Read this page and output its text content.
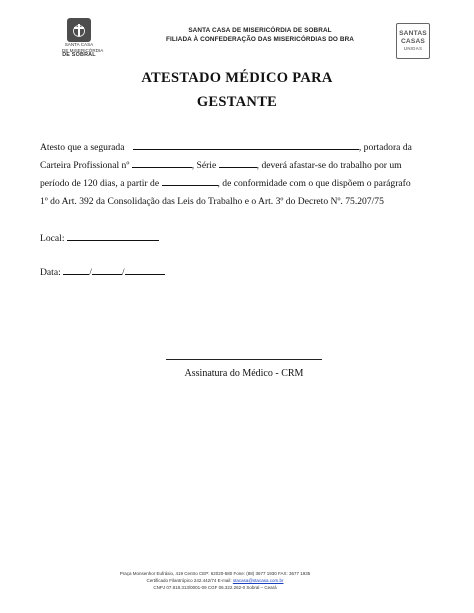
SANTA CASA
DE MISERICÓRDIA
DE SOBRAL
SANTA CASA DE MISERICÓRDIA DE SOBRAL
FILIADA À CONFEDERAÇÃO DAS MISERICÓRDIAS DO BRA
SANTAS
CASAS
UNIDAS
ATESTADO MÉDICO PARA
GESTANTE
Atesto que a segurada	, portadora da
Carteira Profissional nº	, Série	, deverá afastar-se do trabalho por um
período de 120 dias, a partir de	, de conformidade com o que dispõem o parágrafo
1º do Art. 392 da Consolidação das Leis do Trabalho e o Art. 3º do Decreto Nº. 75.207/75
Local:
Data:	/	/
Assinatura do Médico - CRM
Praça Monsenhor Eufrásio, 419 Centro CEP: 62020-580 Fone: (88) 3677 1930 FAX: 3677 1935
Certificado Filantrópico 242.442/74 E-mail: stacasa@stacasa.com.br
CNPJ 07.818.313/0001-09 CGF 06.322.262-0 Sobral – Ceará
